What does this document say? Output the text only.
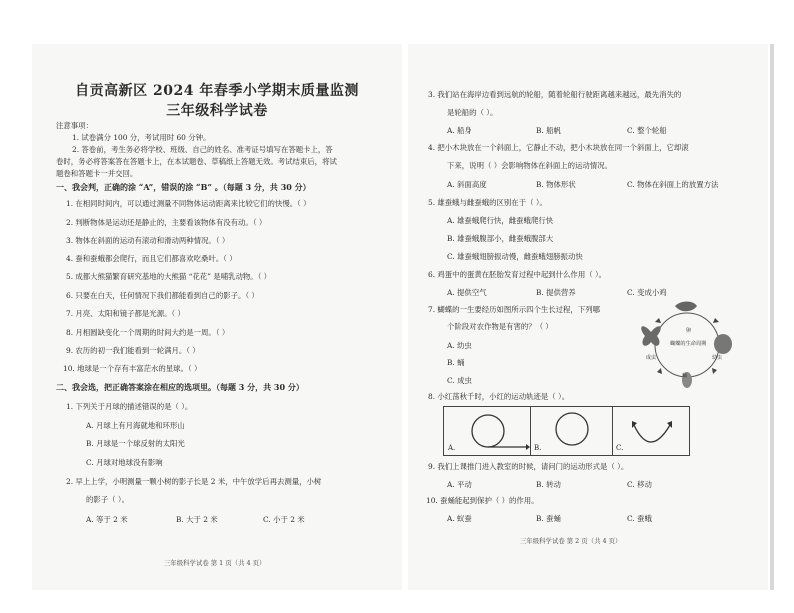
自贡高新区 2024 年春季小学期末质量监测
三年级科学试卷
注意事项：
1. 试卷满分 100 分，考试用时 60 分钟。
2. 答卷前，考生务必将学校、班级、自己的姓名、准考证号填写在答题卡上，答
卷时，务必将答案答在答题卡上，在本试题卷、草稿纸上答题无效。考试结束后，将试
题卷和答题卡一并交回。
一、我会判，正确的涂 “A”，错误的涂 “B” 。（每题 3 分，共 30 分）
1. 在相同时间内，可以通过测量不同物体运动距离来比较它们的快慢。（ ）
2. 判断物体是运动还是静止的，主要看该物体有没有动。（ ）
3. 物体在斜面的运动有滚动和滑动两种情况。（ ）
4. 蚕和蚕蛾都会爬行，而且它们都喜欢吃桑叶。（ ）
5. 成都大熊猫繁育研究基地的大熊猫 “花花” 是哺乳动物。（ ）
6. 只要在白天，任何情况下我们都能看到自己的影子。（ ）
7. 月亮、太阳和镜子都是光源。（ ）
8. 月相圆缺变化一个周期的时间大约是一周。（ ）
9. 农历的初一我们能看到一轮满月。（ ）
10. 地球是一个存有丰富茫水的星球。（ ）
二、我会选，把正确答案涂在相应的选项里。（每题 3 分，共 30 分）
1. 下列关于月球的描述错误的是（ ）。
A. 月球上有月海就地和环形山
B. 月球是一个球反射的太阳光
C. 月球对地球没有影响
2. 早上上学，小明测量一颗小树的影子长是 2 米，中午放学后再去测量，小树
的影子（ ）。
A. 等于 2 米	B. 大于 2 米	C. 小于 2 米
三年级科学试卷 第 1 页（共 4 页）
3. 我们站在海岸边看到远航的轮船，随着轮船行驶距离越来越远，最先消失的
是轮船的（ ）。
A. 船身	B. 船帆	C. 整个轮船
4. 把小木块放在一个斜面上，它静止不动，把小木块放在同一个斜面上，它却滚
下来，说明（ ）会影响物体在斜面上的运动情况。
A. 斜面高度	B. 物体形状	C. 物体在斜面上的放置方法
5. 雄蚕蛾与雌蚕蛾的区别在于（ ）。
A. 雄蚕蛾爬行快，雌蚕蛾爬行快
B. 雄蚕蛾腹部小，雌蚕蛾腹部大
C. 雄蚕蛾翅膀振动慢，雌蚕蛾翅膀振动快
6. 鸡蛋中的蛋黄在胚胎发育过程中起到什么作用（ ）。
A. 提供空气	B. 提供营养	C. 变成小鸡
7. 蝴蝶的一生要经历如图所示四个生长过程，下列哪
个阶段对农作物是有害的？（ ）
A. 幼虫
B. 蛹
C. 成虫
蝴蝶的生命周期
卵
幼虫
蛹
成虫
8. 小红荡秋千时，小红的运动轨迹是（ ）。
A.	B.	C.
9. 我们上课推门进入教室的时候，请问门的运动形式是（ ）。
A. 平动	B. 转动	C. 移动
10. 蚕蛹能起到保护（ ）的作用。
A. 蚁蚕	B. 蚕蛹	C. 蚕蛾
三年级科学试卷 第 2 页（共 4 页）
